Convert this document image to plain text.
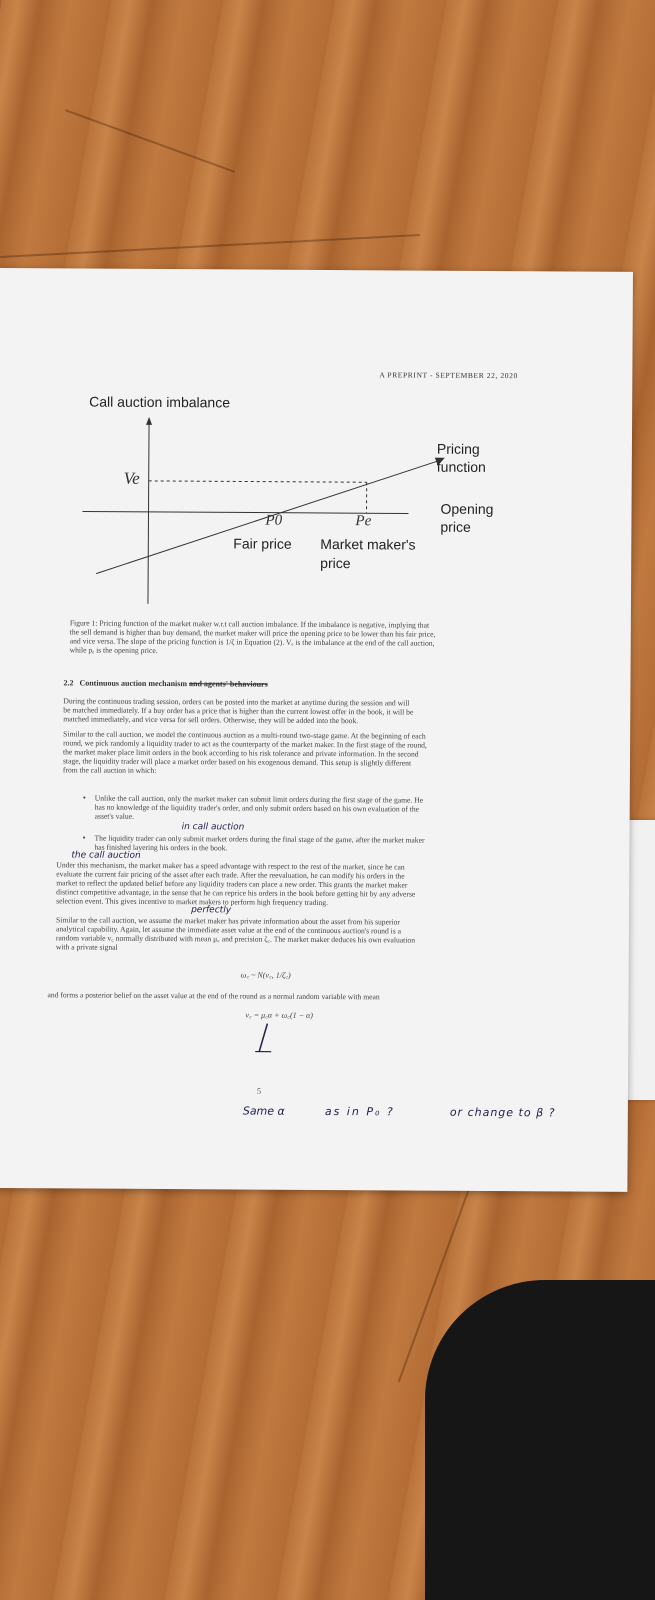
A PREPRINT - SEPTEMBER 22, 2020
Call auction imbalance
Ve
P0	Pe
Fair price Market maker's
price
Pricing
function
Opening
price
Figure 1: Pricing function of the market maker w.r.t call auction imbalance. If the imbalance is negative, implying that
the sell demand is higher than buy demand, the market maker will price the opening price to be lower than his fair price,
and vice versa. The slope of the pricing function is 1/ζ in Equation (2). Vₑ is the imbalance at the end of the call auction,
while pₑ is the opening price.
2.2 Continuous auction mechanism and agents' behaviours
During the continuous trading session, orders can be posted into the market at anytime during the session and will
be matched immediately. If a buy order has a price that is higher than the current lowest offer in the book, it will be
matched immediately, and vice versa for sell orders. Otherwise, they will be added into the book.
Similar to the call auction, we model the continuous auction as a multi-round two-stage game. At the beginning of each
round, we pick randomly a liquidity trader to act as the counterparty of the market maker. In the first stage of the round,
the market maker place limit orders in the book according to his risk tolerance and private information. In the second
stage, the liquidity trader will place a market order based on his exogenous demand. This setup is slightly different
from the call auction in which:
• Unlike the call auction, only the market maker can submit limit orders during the first stage of the game. He
has no knowledge of the liquidity trader's order, and only submit orders based on his own evaluation of the
asset's value.
in call auction
• The liquidity trader can only submit market orders during the final stage of the game, after the market maker
has finished layering his orders in the book.
the call auction
Under this mechanism, the market maker has a speed advantage with respect to the rest of the market, since he can
evaluate the current fair pricing of the asset after each trade. After the reevaluation, he can modify his orders in the
market to reflect the updated belief before any liquidity traders can place a new order. This grants the market maker
distinct competitive advantage, in the sense that he can reprice his orders in the book before getting hit by any adverse
selection event. This gives incentive to market makers to perform high frequency trading.
perfectly
Similar to the call auction, we assume the market maker has private information about the asset from his superior
analytical capability. Again, let assume the immediate asset value at the end of the continuous auction's round is a
random variable v꜀ normally distributed with mean μ꜀ and precision ζ꜀. The market maker deduces his own evaluation
with a private signal
ω꜀ ~ N(v꜀, 1/ζ꜀)
and forms a posterior belief on the asset value at the end of the round as a normal random variable with mean
v꜀ = μ꜀α + ω꜀(1 − α)
5
Same α	as in P₀ ?	or change to β ?
